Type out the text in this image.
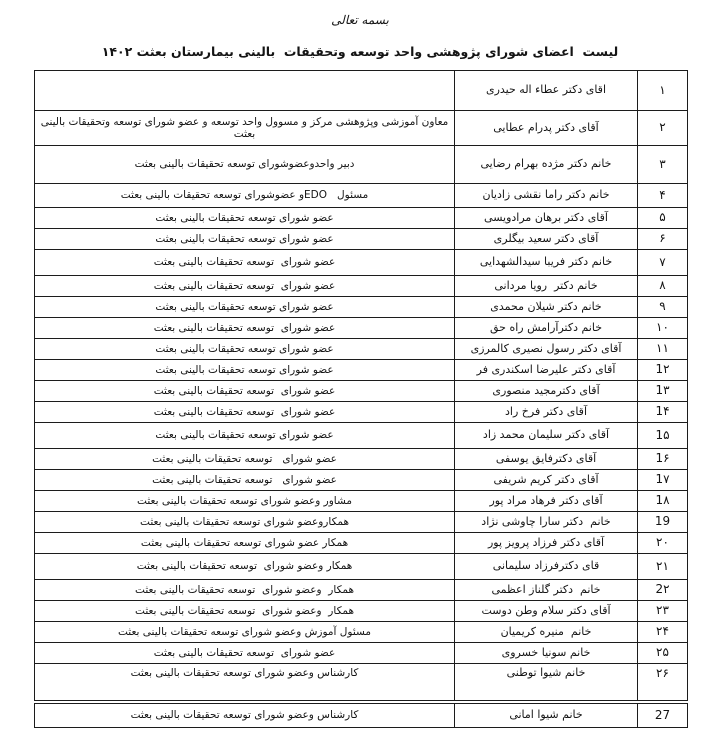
بسمه تعالی
لیست  اعضای شورای پژوهشی واحد توسعه وتحقیقات  بالینی بیمارستان بعثت ۱۴۰۲
۱
اقای دکتر عطاء اله حیدری
۲
آقای دکتر پدرام عطایی
معاون آموزشی وپژوهشی مرکز و مسوول واحد توسعه و عضو شورای توسعه وتحقیقات بالینی بعثت
۳
خانم دکتر مژده بهرام رضایی
دبیر واحدوعضوشورای توسعه تحقیقات بالینی بعثت
۴
خانم دکتر راما نقشی زادیان
مسئول   EDOو عضوشورای توسعه تحقیقات بالینی بعثت
۵
آقای دکتر برهان مرادویسی
عضو شورای توسعه تحقیقات بالینی بعثت
۶
آقای دکتر سعید بیگلری
عضو شورای توسعه تحقیقات بالینی بعثت
۷
خانم دکتر فریبا سیدالشهدایی
عضو شورای  توسعه تحقیقات بالینی بعثت
۸
خانم دکتر  رویا مردانی
عضو شورای  توسعه تحقیقات بالینی بعثت
۹
خانم دکتر شیلان محمدی
عضو شورای توسعه تحقیقات بالینی بعثت
۱۰
خانم دکترآرامش راه حق
عضو شورای  توسعه تحقیقات بالینی بعثت
۱۱
آقای دکتر رسول نصیری کالمرزی
عضو شورای توسعه تحقیقات بالینی بعثت
1۲
آقای دکتر علیرضا اسکندری فر
عضو شورای توسعه تحقیقات بالینی بعثت
1۳
آقای دکترمجید منصوری
عضو شورای  توسعه تحقیقات بالینی بعثت
1۴
آقای دکتر فرخ راد
عضو شورای  توسعه تحقیقات بالینی بعثت
1۵
آقای دکتر سلیمان محمد زاد
عضو شورای توسعه تحقیقات بالینی بعثت
1۶
آقای دکترفایق یوسفی
عضو شورای   توسعه تحقیقات بالینی بعثت
1۷
آقای دکتر کریم شریفی
عضو شورای   توسعه تحقیقات بالینی بعثت
1۸
آقای دکتر فرهاد مراد پور
مشاور وعضو شورای توسعه تحقیقات بالینی بعثت
19
خانم  دکتر سارا چاوشی نژاد
همکاروعضو شورای توسعه تحقیقات بالینی بعثت
۲۰
آقای دکتر فرزاد پرویز پور
همکار عضو شورای توسعه تحقیقات بالینی بعثت
۲۱
قای دکترفرزاد سلیمانی
همکار وعضو شورای  توسعه تحقیقات بالینی بعثت
2۲
خانم  دکتر گلناز اعظمی
همکار  وعضو شورای  توسعه تحقیقات بالینی بعثت
۲۳
آقای دکتر سلام وطن دوست
همکار  وعضو شورای  توسعه تحقیقات بالینی بعثت
۲۴
خانم  منیره کریمیان
مسئول آموزش وعضو شورای توسعه تحقیقات بالینی بعثت
۲۵
خانم سونیا خسروی
عضو شورای  توسعه تحقیقات بالینی بعثت
۲۶
خانم شیوا توطنی
کارشناس وعضو شورای توسعه تحقیقات بالینی بعثت
27
خانم شیوا امانی
کارشناس وعضو شورای توسعه تحقیقات بالینی بعثت
